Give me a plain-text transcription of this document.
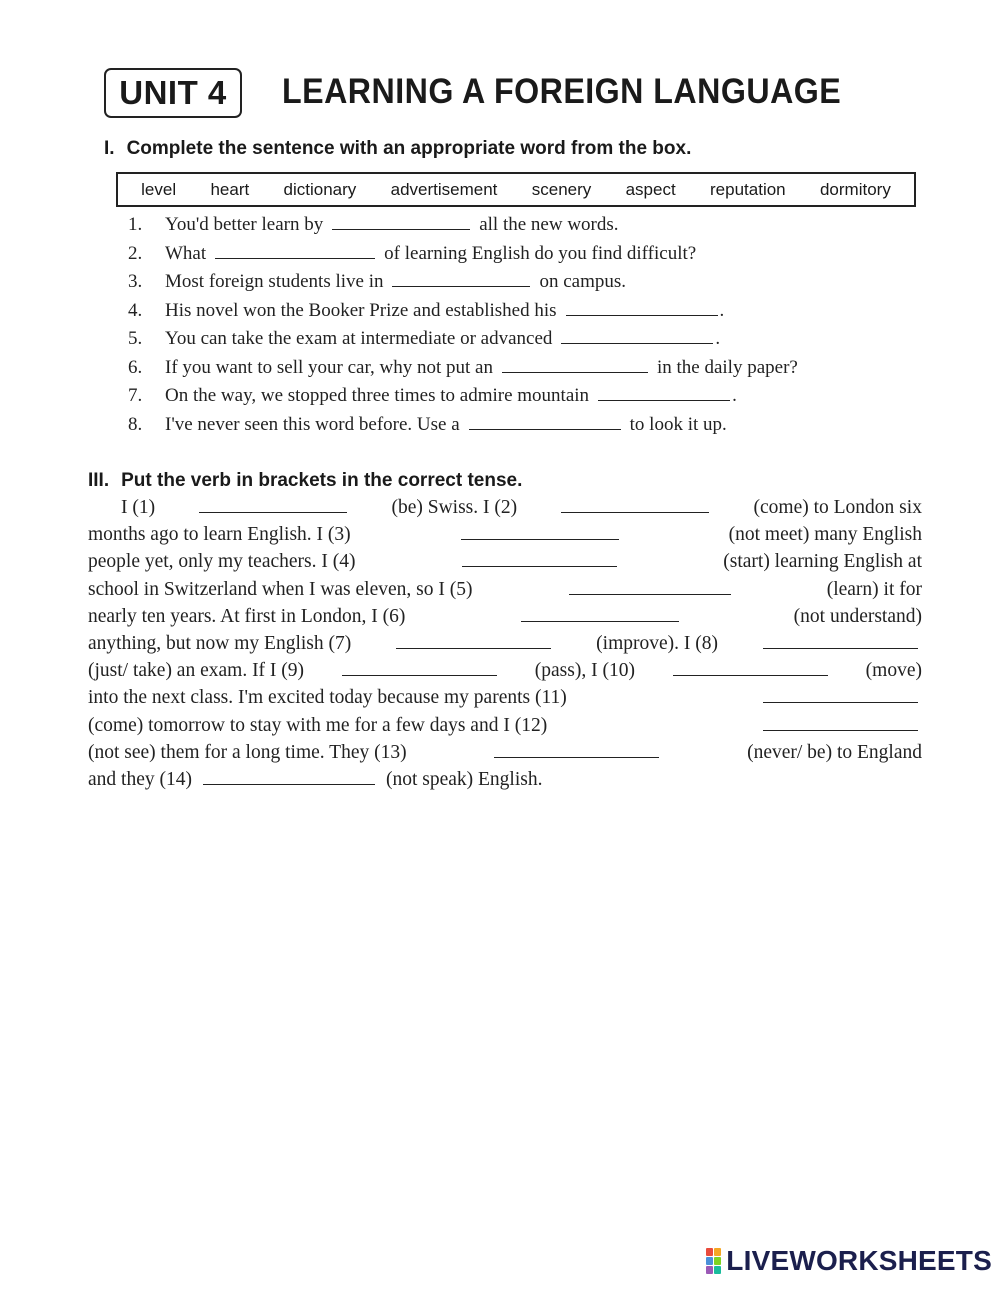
UNIT 4 LEARNING A FOREIGN LANGUAGE
I. Complete the sentence with an appropriate word from the box.
level heart dictionary advertisement scenery aspect reputation dormitory
1.	You'd better learn by	all the new words.
2.	What	of learning English do you find difficult?
3.	Most foreign students live in	on campus.
4.	His novel won the Booker Prize and established his	.
5.	You can take the exam at intermediate or advanced	.
6.	If you want to sell your car, why not put an	in the daily paper?
7.	On the way, we stopped three times to admire mountain	.
8.	I've never seen this word before. Use a	to look it up.
III. Put the verb in brackets in the correct tense.
I (1)	(be) Swiss. I (2)	(come) to London six
months ago to learn English. I (3)	(not meet) many English
people yet, only my teachers. I (4)	(start) learning English at
school in Switzerland when I was eleven, so I (5)	(learn) it for
nearly ten years. At first in London, I (6)	(not understand)
anything, but now my English (7)	(improve). I (8)
(just/ take) an exam. If I (9)	(pass), I (10)	(move)
into the next class. I'm excited today because my parents (11)
(come) tomorrow to stay with me for a few days and I (12)
(not see) them for a long time. They (13)	(never/ be) to England
and they (14)	(not speak) English.
LIVEWORKSHEETS
